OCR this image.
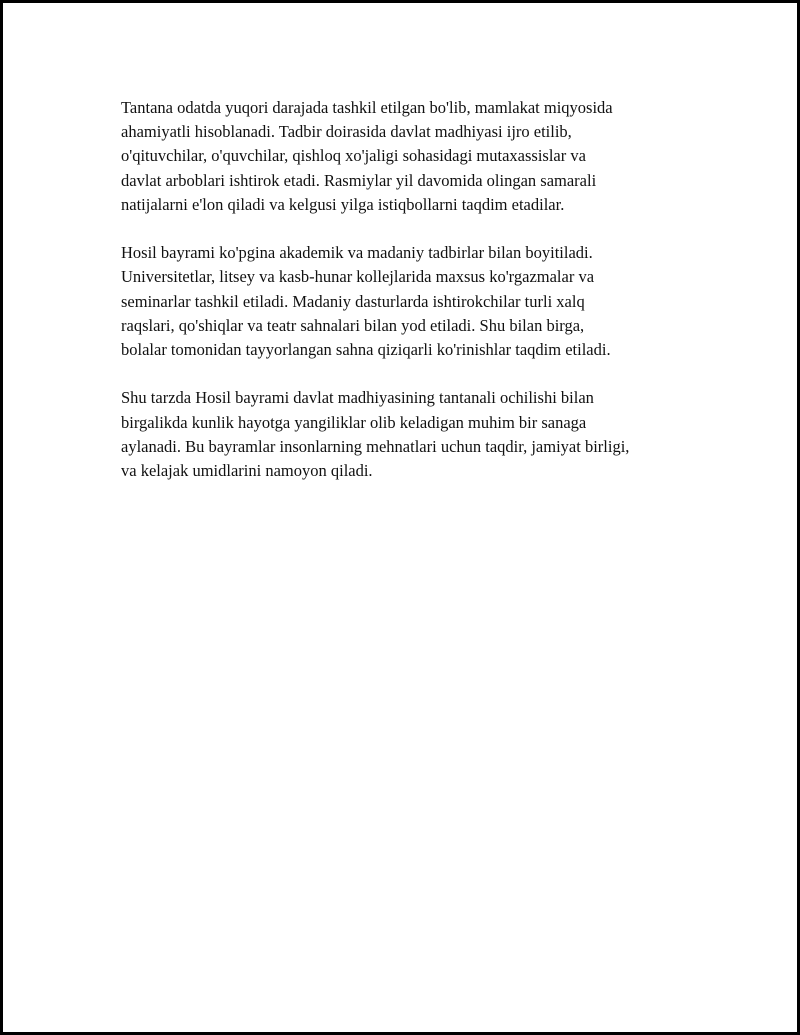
Tantana odatda yuqori darajada tashkil etilgan bo'lib, mamlakat miqyosida
ahamiyatli hisoblanadi. Tadbir doirasida davlat madhiyasi ijro etilib,
o'qituvchilar, o'quvchilar, qishloq xo'jaligi sohasidagi mutaxassislar va
davlat arboblari ishtirok etadi. Rasmiylar yil davomida olingan samarali
natijalarni e'lon qiladi va kelgusi yilga istiqbollarni taqdim etadilar.

Hosil bayrami ko'pgina akademik va madaniy tadbirlar bilan boyitiladi.
Universitetlar, litsey va kasb-hunar kollejlarida maxsus ko'rgazmalar va
seminarlar tashkil etiladi. Madaniy dasturlarda ishtirokchilar turli xalq
raqslari, qo'shiqlar va teatr sahnalari bilan yod etiladi. Shu bilan birga,
bolalar tomonidan tayyorlangan sahna qiziqarli ko'rinishlar taqdim etiladi.

Shu tarzda Hosil bayrami davlat madhiyasining tantanali ochilishi bilan
birgalikda kunlik hayotga yangiliklar olib keladigan muhim bir sanaga
aylanadi. Bu bayramlar insonlarning mehnatlari uchun taqdir, jamiyat birligi,
va kelajak umidlarini namoyon qiladi.
